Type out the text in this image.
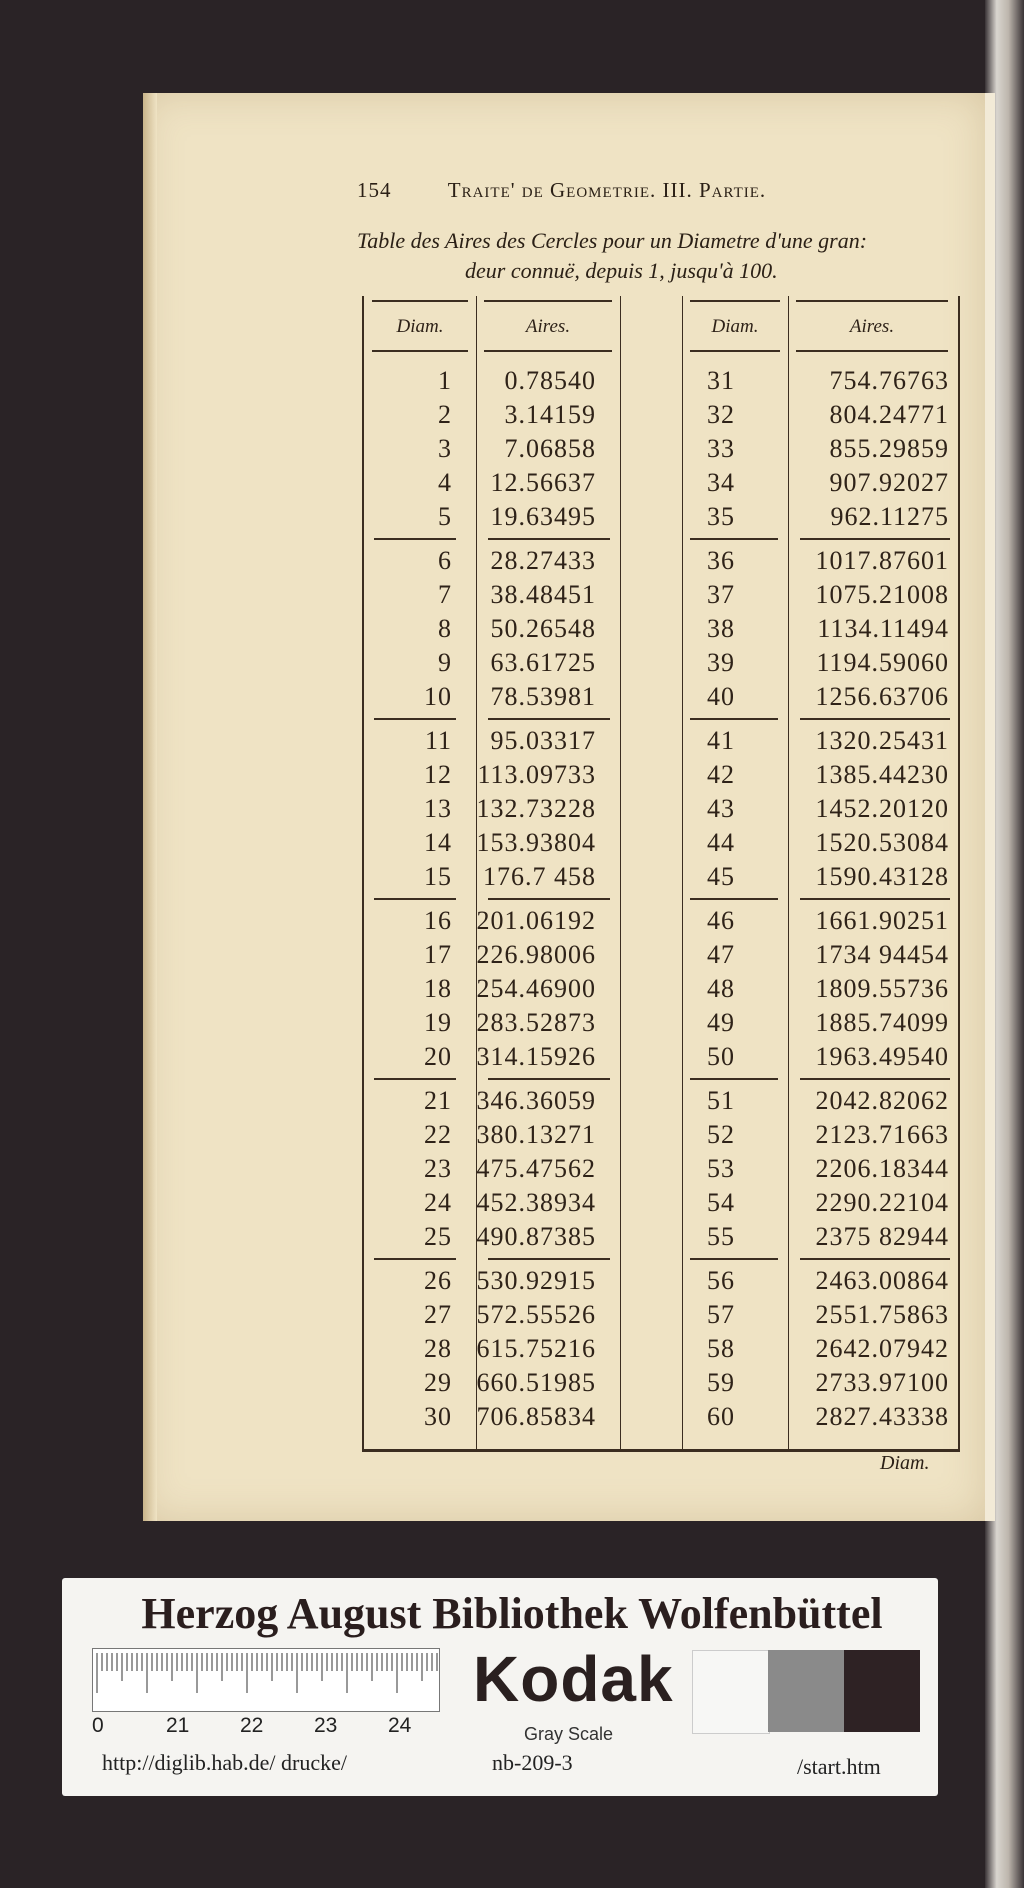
154	Traite' de Geometrie. III. Partie.
Table des Aires des Cercles pour un Diametre d'une gran:
deur connuë, depuis 1, jusqu'à 100.
Diam.	Aires.	Diam.	Aires.
1	0.78540	31	754.76763
2	3.14159	32	804.24771
3	7.06858	33	855.29859
4	12.56637	34	907.92027
5	19.63495	35	962.11275
6	28.27433	36	1017.87601
7	38.48451	37	1075.21008
8	50.26548	38	1134.11494
9	63.61725	39	1194.59060
10	78.53981	40	1256.63706
11	95.03317	41	1320.25431
12 113.09733	42	1385.44230
13 132.73228	43	1452.20120
14 153.93804	44	1520.53084
15 176.7 458	45	1590.43128
16 201.06192	46	1661.90251
17 226.98006	47	1734 94454
18 254.46900	48	1809.55736
19 283.52873	49	1885.74099
20 314.15926	50	1963.49540
21 346.36059	51	2042.82062
22 380.13271	52	2123.71663
23 475.47562	53	2206.18344
24 452.38934	54	2290.22104
25 490.87385	55	2375 82944
26 530.92915	56	2463.00864
27 572.55526	57	2551.75863
28 615.75216	58	2642.07942
29 660.51985	59	2733.97100
30 706.85834	60	2827.43338
Diam.
Herzog August Bibliothek Wolfenbüttel
0	21 22 23 24
Kodak
Gray Scale
http://diglib.hab.de/ drucke/	nb-209-3	/start.htm
